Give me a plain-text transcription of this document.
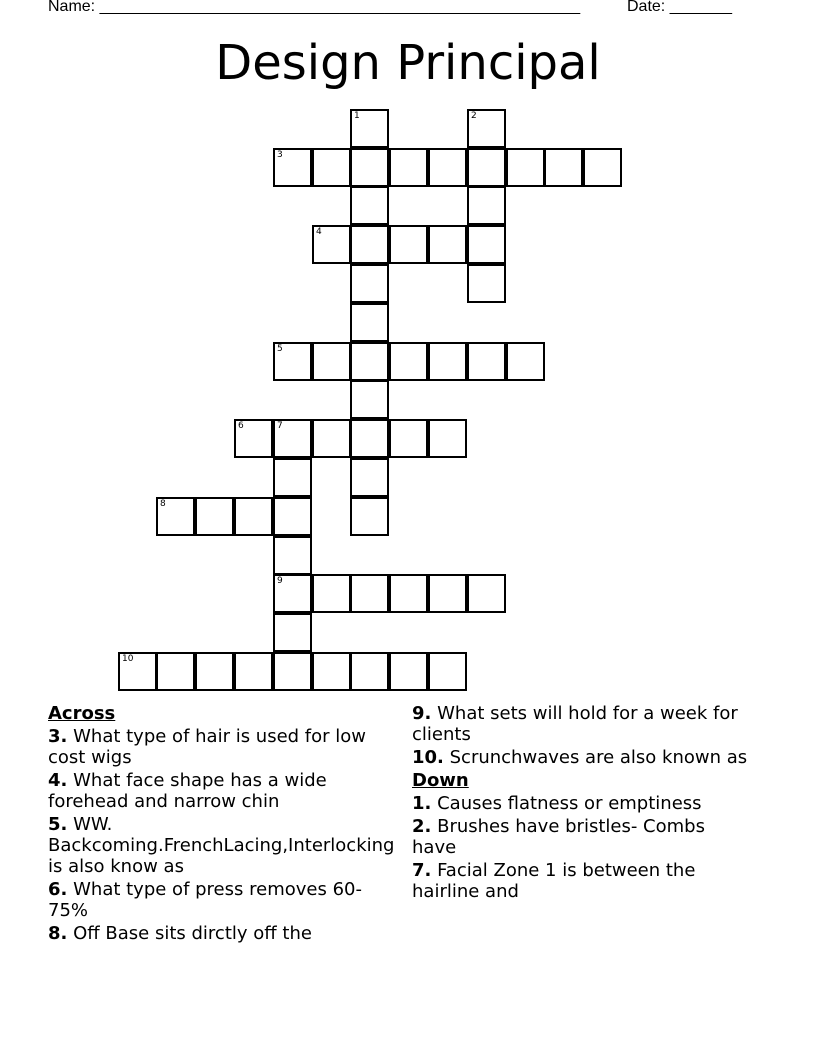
Name: ______________________________________________________	Date: _______
Design Principal
1	2
3
4
5
6	7
8
9
10
Across
3. What type of hair is used for low cost wigs
4. What face shape has a wide forehead and narrow chin
5. WW. Backcoming.FrenchLacing,Interlocking is also know as
6. What type of press removes 60-75%
8. Off Base sits dirctly off the
9. What sets will hold for a week for clients
10. Scrunchwaves are also known as
Down
1. Causes flatness or emptiness
2. Brushes have bristles- Combs have
7. Facial Zone 1 is between the hairline and
